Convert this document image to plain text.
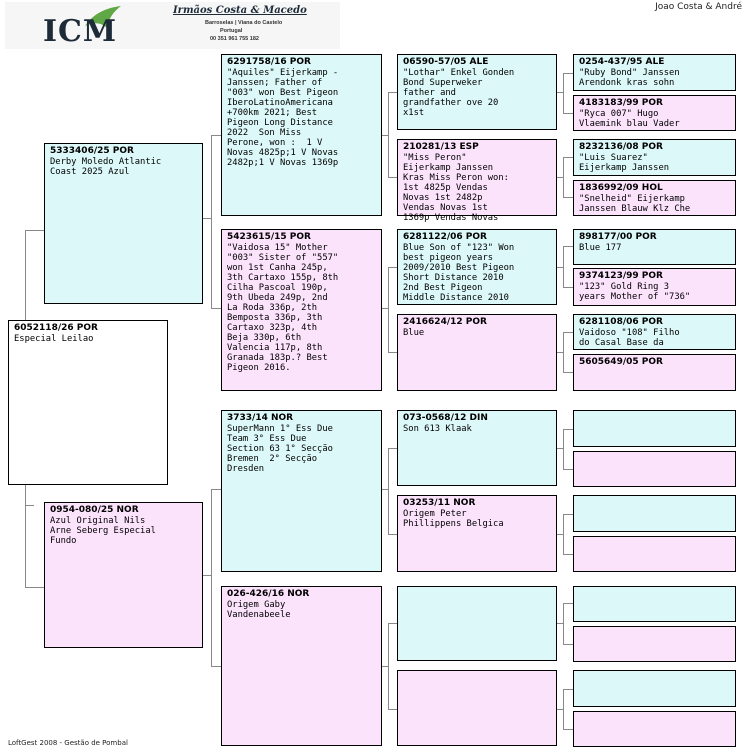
ICM
Irmãos Costa & Macedo
Barroselas | Viana do Castelo
Portugal
00 351 961 755 182
Joao Costa & André
6052118/26 POR
Especial Leilao
5333406/25 POR
Derby Moledo Atlantic
Coast 2025 Azul
0954-080/25 NOR
Azul Original Nils
Arne Seberg Especial
Fundo
6291758/16 POR
"Aquiles" Eijerkamp -
Janssen; Father of
"003" won Best Pigeon
IberoLatinoAmericana
+700km 2021; Best
Pigeon Long Distance
2022  Son Miss
Perone, won :  1 V
Novas 4825p;1 V Novas
2482p;1 V Novas 1369p
5423615/15 POR
"Vaidosa 15" Mother
"003" Sister of "557"
won 1st Canha 245p,
3th Cartaxo 155p, 8th
Cilha Pascoal 190p,
9th Ubeda 249p, 2nd
La Roda 336p, 2th
Bemposta 336p, 3th
Cartaxo 323p, 4th
Beja 330p, 6th
Valencia 117p, 8th
Granada 183p.? Best
Pigeon 2016.
3733/14 NOR
SuperMann 1° Ess Due
Team 3° Ess Due
Section 63 1° Secção
Bremen  2° Secção
Dresden
026-426/16 NOR
Origem Gaby
Vandenabeele
06590-57/05 ALE
"Lothar" Enkel Gonden
Bond Superweker
father and
grandfather ove 20
x1st
210281/13 ESP
"Miss Peron"
Eijerkamp Janssen
Kras Miss Peron won:
1st 4825p Vendas
Novas 1st 2482p
Vendas Novas 1st
1369p Vendas Novas
6281122/06 POR
Blue Son of "123" Won
best pigeon years
2009/2010 Best Pigeon
Short Distance 2010
2nd Best Pigeon
Middle Distance 2010
2416624/12 POR
Blue
073-0568/12 DIN
Son 613 Klaak
03253/11 NOR
Origem Peter
Phillippens Belgica
0254-437/95 ALE
"Ruby Bond" Janssen
Arendonk kras sohn
4183183/99 POR
"Ryca 007" Hugo
Vlaemink blau Vader
8232136/08 POR
"Luis Suarez"
Eijerkamp Janssen
1836992/09 HOL
"Snelheid" Eijerkamp
Janssen Blauw Klz Che
898177/00 POR
Blue 177
9374123/99 POR
"123" Gold Ring 3
years Mother of "736"
6281108/06 POR
Vaidoso "108" Filho
do Casal Base da
5605649/05 POR
LoftGest 2008 - Gestão de Pombal
